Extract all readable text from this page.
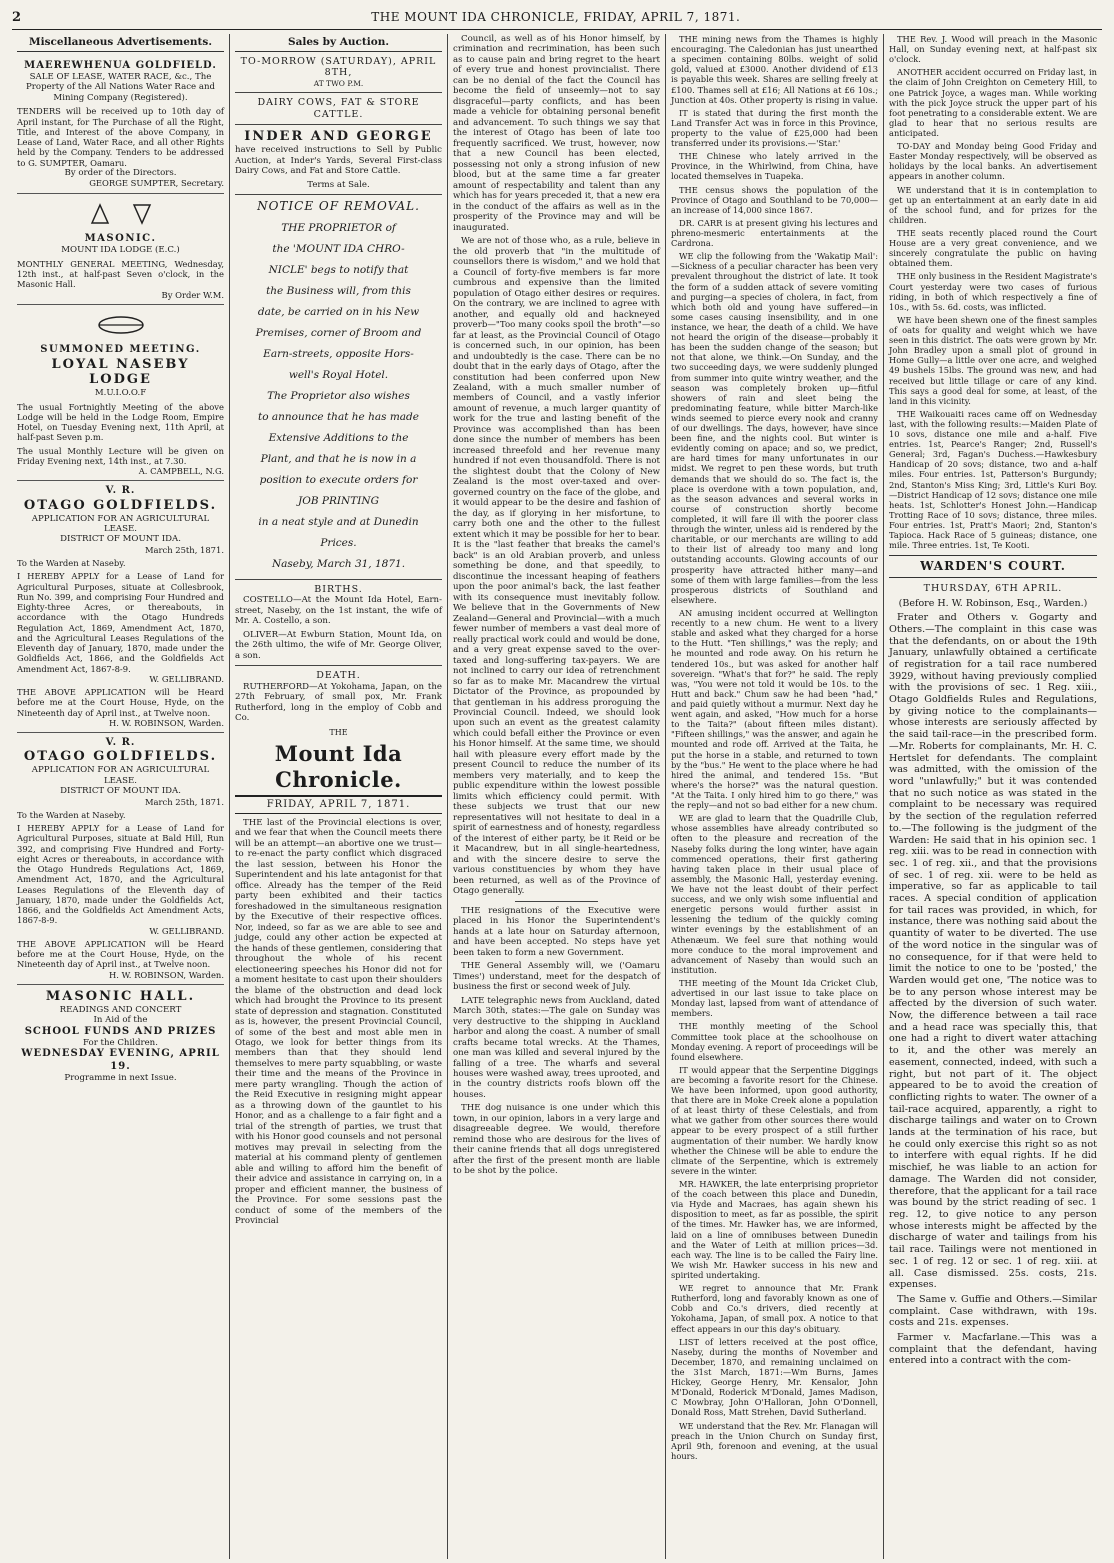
2	THE MOUNT IDA CHRONICLE, FRIDAY, APRIL 7, 1871.
Miscellaneous Advertisements.
MAEREWHENUA GOLDFIELD.
SALE OF LEASE, WATER RACE, &c., The Property of the All Nations Water Race and Mining Company (Registered).
TENDERS will be received up to 10th day of April instant, for The Purchase of all the Right, Title, and Interest of the above Company, in Lease of Land, Water Race, and all other Rights held by the Company. Tenders to be addressed to G. SUMPTER, Oamaru.
By order of the Directors.
GEORGE SUMPTER, Secretary.
MASONIC.
MOUNT IDA LODGE (E.C.)
MONTHLY GENERAL MEETING, Wednesday, 12th inst., at half-past Seven o'clock, in the Masonic Hall.
By Order W.M.
SUMMONED MEETING.
LOYAL NASEBY LODGE
M.U.I.O.O.F
The usual Fortnightly Meeting of the above Lodge will be held in the Lodge Room, Empire Hotel, on Tuesday Evening next, 11th April, at half-past Seven p.m.
The usual Monthly Lecture will be given on Friday Evening next, 14th inst., at 7.30.
A. CAMPBELL, N.G.
V. R.
OTAGO GOLDFIELDS.
APPLICATION FOR AN AGRICULTURAL LEASE.
DISTRICT OF MOUNT IDA.
March 25th, 1871.
To the Warden at Naseby.
I HEREBY APPLY for a Lease of Land for Agricultural Purposes, situate at Collesbrook, Run No. 399, and comprising Four Hundred and Eighty-three Acres, or thereabouts, in accordance with the Otago Hundreds Regulation Act, 1869, Amendment Act, 1870, and the Agricultural Leases Regulations of the Eleventh day of January, 1870, made under the Goldfields Act, 1866, and the Goldfields Act Amendment Act, 1867-8-9.
W. GELLIBRAND.
THE ABOVE APPLICATION will be Heard before me at the Court House, Hyde, on the Nineteenth day of April inst., at Twelve noon.
H. W. ROBINSON, Warden.
V. R.
OTAGO GOLDFIELDS.
APPLICATION FOR AN AGRICULTURAL LEASE.
DISTRICT OF MOUNT IDA.
March 25th, 1871.
To the Warden at Naseby.
I HEREBY APPLY for a Lease of Land for Agricultural Purposes, situate at Bald Hill, Run 392, and comprising Five Hundred and Forty-eight Acres or thereabouts, in accordance with the Otago Hundreds Regulations Act, 1869, Amendment Act, 1870, and the Agricultural Leases Regulations of the Eleventh day of January, 1870, made under the Goldfields Act, 1866, and the Goldfields Act Amendment Acts, 1867-8-9.
W. GELLIBRAND.
THE ABOVE APPLICATION will be Heard before me at the Court House, Hyde, on the Nineteenth day of April inst., at Twelve noon.
H. W. ROBINSON, Warden.
MASONIC HALL.
READINGS AND CONCERT
In Aid of the
SCHOOL FUNDS AND PRIZES
For the Children.
WEDNESDAY EVENING, APRIL 19.
Programme in next Issue.
Sales by Auction.
TO-MORROW (SATURDAY), APRIL 8TH,
AT TWO P.M.
DAIRY COWS, FAT & STORE CATTLE.
INDER AND GEORGE

have received instructions to Sell by Public Auction, at Inder's Yards, Several First-class Dairy Cows, and Fat and Store Cattle.

Terms at Sale.
NOTICE OF REMOVAL.
THE PROPRIETOR of
the 'MOUNT IDA CHRO-
NICLE' begs to notify that
the Business will, from this
date, be carried on in his New
Premises, corner of Broom and
Earn-streets, opposite Hors-
well's Royal Hotel.
The Proprietor also wishes
to announce that he has made
Extensive Additions to the
Plant, and that he is now in a
position to execute orders for
JOB PRINTING
in a neat style and at Dunedin
Prices.
Naseby, March 31, 1871.
BIRTHS.

COSTELLO—At the Mount Ida Hotel, Earn-street, Naseby, on the 1st instant, the wife of Mr. A. Costello, a son.

OLIVER—At Ewburn Station, Mount Ida, on the 26th ultimo, the wife of Mr. George Oliver, a son.

DEATH.

RUTHERFORD—At Yokohama, Japan, on the 27th February, of small pox, Mr. Frank Rutherford, long in the employ of Cobb and Co.

THE
Mount Ida Chronicle.
FRIDAY, APRIL 7, 1871.

THE last of the Provincial elections is over, and we fear that when the Council meets there will be an attempt—an abortive one we trust—to re-enact the party conflict which disgraced the last session, between his Honor the Superintendent and his late antagonist for that office. Already has the temper of the Reid party been exhibited and their tactics foreshadowed in the simultaneous resignation by the Executive of their respective offices. Nor, indeed, so far as we are able to see and judge, could any other action be expected at the hands of these gentlemen, considering that throughout the whole of his recent electioneering speeches his Honor did not for a moment hesitate to cast upon their shoulders the blame of the obstruction and dead lock which had brought the Province to its present state of depression and stagnation. Constituted as is, however, the present Provincial Council, of some of the best and most able men in Otago, we look for better things from its members than that they should lend themselves to mere party squabbling, or waste their time and the means of the Province in mere party wrangling. Though the action of the Reid Executive in resigning might appear as a throwing down of the gauntlet to his Honor, and as a challenge to a fair fight and a trial of the strength of parties, we trust that with his Honor good counsels and not personal motives may prevail in selecting from the material at his command plenty of gentlemen able and willing to afford him the benefit of their advice and assistance in carrying on, in a proper and efficient manner, the business of the Province. For some sessions past the conduct of some of the members of the Provincial

Council, as well as of his Honor himself, by crimination and recrimination, has been such as to cause pain and bring regret to the heart of every true and honest provincialist. There can be no denial of the fact the Council has become the field of unseemly—not to say disgraceful—party conflicts, and has been made a vehicle for obtaining personal benefit and advancement. To such things we say that the interest of Otago has been of late too frequently sacrificed. We trust, however, now that a new Council has been elected, possessing not only a strong infusion of new blood, but at the same time a far greater amount of respectability and talent than any which has for years preceded it, that a new era in the conduct of the affairs as well as in the prosperity of the Province may and will be inaugurated.

We are not of those who, as a rule, believe in the old proverb that "in the multitude of counsellors there is wisdom," and we hold that a Council of forty-five members is far more cumbrous and expensive than the limited population of Otago either desires or requires. On the contrary, we are inclined to agree with another, and equally old and hackneyed proverb—"Too many cooks spoil the broth"—so far at least, as the Provincial Council of Otago is concerned such, in our opinion, has been and undoubtedly is the case. There can be no doubt that in the early days of Otago, after the constitution had been conferred upon New Zealand, with a much smaller number of members of Council, and a vastly inferior amount of revenue, a much larger quantity of work for the true and lasting benefit of the Province was accomplished than has been done since the number of members has been increased threefold and her revenue many hundred if not even thousandfold. There is not the slightest doubt that the Colony of New Zealand is the most over-taxed and over-governed country on the face of the globe, and it would appear to be the desire and fashion of the day, as if glorying in her misfortune, to carry both one and the other to the fullest extent which it may be possible for her to bear. It is the "last feather that breaks the camel's back" is an old Arabian proverb, and unless something be done, and that speedily, to discontinue the incessant heaping of feathers upon the poor animal's back, the last feather with its consequence must inevitably follow. We believe that in the Governments of New Zealand—General and Provincial—with a much fewer number of members a vast deal more of really practical work could and would be done, and a very great expense saved to the over-taxed and long-suffering tax-payers. We are not inclined to carry our idea of retrenchment so far as to make Mr. Macandrew the virtual Dictator of the Province, as propounded by that gentleman in his address proroguing the Provincial Council. Indeed, we should look upon such an event as the greatest calamity which could befall either the Province or even his Honor himself. At the same time, we should hail with pleasure every effort made by the present Council to reduce the number of its members very materially, and to keep the public expenditure within the lowest possible limits which efficiency could permit. With these subjects we trust that our new representatives will not hesitate to deal in a spirit of earnestness and of honesty, regardless of the interest of either party, be it Reid or be it Macandrew, but in all single-heartedness, and with the sincere desire to serve the various constituencies by whom they have been returned, as well as of the Province of Otago generally.

THE resignations of the Executive were placed in his Honor the Superintendent's hands at a late hour on Saturday afternoon, and have been accepted. No steps have yet been taken to form a new Government.

THE General Assembly will, we ('Oamaru Times') understand, meet for the despatch of business the first or second week of July.

LATE telegraphic news from Auckland, dated March 30th, states:—The gale on Sunday was very destructive to the shipping in Auckland harbor and along the coast. A number of small crafts became total wrecks. At the Thames, one man was killed and several injured by the falling of a tree. The wharfs and several houses were washed away, trees uprooted, and in the country districts roofs blown off the houses.

THE dog nuisance is one under which this town, in our opinion, labors in a very large and disagreeable degree. We would, therefore remind those who are desirous for the lives of their canine friends that all dogs unregistered after the first of the present month are liable to be shot by the police.

THE mining news from the Thames is highly encouraging. The Caledonian has just unearthed a specimen containing 80lbs. weight of solid gold, valued at £3000. Another dividend of £13 is payable this week. Shares are selling freely at £100. Thames sell at £16; All Nations at £6 10s.; Junction at 40s. Other property is rising in value.

IT is stated that during the first month the Land Transfer Act was in force in this Province, property to the value of £25,000 had been transferred under its provisions.—'Star.'

THE Chinese who lately arrived in the Province, in the Whirlwind, from China, have located themselves in Tuapeka.

THE census shows the population of the Province of Otago and Southland to be 70,000—an increase of 14,000 since 1867.

DR. CARR is at present giving his lectures and phreno-mesmeric entertainments at the Cardrona.

WE clip the following from the 'Wakatip Mail':—Sickness of a peculiar character has been very prevalent throughout the district of late. It took the form of a sudden attack of severe vomiting and purging—a species of cholera, in fact, from which both old and young have suffered—in some cases causing insensibility, and in one instance, we hear, the death of a child. We have not heard the origin of the disease—probably it has been the sudden change of the season; but not that alone, we think.—On Sunday, and the two succeeding days, we were suddenly plunged from summer into quite wintry weather, and the season was completely broken up—fitful showers of rain and sleet being the predominating feature, while bitter March-like winds seemed to pierce every nook and cranny of our dwellings. The days, however, have since been fine, and the nights cool. But winter is evidently coming on apace; and so, we predict, are hard times for many unfortunates in our midst. We regret to pen these words, but truth demands that we should do so. The fact is, the place is overdone with a town population, and, as the season advances and several works in course of construction shortly become completed, it will fare ill with the poorer class through the winter, unless aid is rendered by the charitable, or our merchants are willing to add to their list of already too many and long outstanding accounts. Glowing accounts of our prosperity have attracted hither many—and some of them with large families—from the less prosperous districts of Southland and elsewhere.

AN amusing incident occurred at Wellington recently to a new chum. He went to a livery stable and asked what they charged for a horse to the Hutt. "Ten shillings," was the reply; and he mounted and rode away. On his return he tendered 10s., but was asked for another half sovereign. "What's that for?" he said. The reply was, "You were not told it would be 10s. to the Hutt and back." Chum saw he had been "had," and paid quietly without a murmur. Next day he went again, and asked, "How much for a horse to the Taita?" (about fifteen miles distant). "Fifteen shillings," was the answer, and again he mounted and rode off. Arrived at the Taita, he put the horse in a stable, and returned to town by the "bus." He went to the place where he had hired the animal, and tendered 15s. "But where's the horse?" was the natural question. "At the Taita. I only hired him to go there," was the reply—and not so bad either for a new chum.

WE are glad to learn that the Quadrille Club, whose assemblies have already contributed so often to the pleasure and recreation of the Naseby folks during the long winter, have again commenced operations, their first gathering having taken place in their usual place of assembly, the Masonic Hall, yesterday evening. We have not the least doubt of their perfect success, and we only wish some influential and energetic persons would further assist in lessening the tedium of the quickly coming winter evenings by the establishment of an Athenæum. We feel sure that nothing would more conduce to the moral improvement and advancement of Naseby than would such an institution.

THE meeting of the Mount Ida Cricket Club, advertised in our last issue to take place on Monday last, lapsed from want of attendance of members.

THE monthly meeting of the School Committee took place at the schoolhouse on Monday evening. A report of proceedings will be found elsewhere.

IT would appear that the Serpentine Diggings are becoming a favorite resort for the Chinese. We have been informed, upon good authority, that there are in Moke Creek alone a population of at least thirty of these Celestials, and from what we gather from other sources there would appear to be every prospect of a still further augmentation of their number. We hardly know whether the Chinese will be able to endure the climate of the Serpentine, which is extremely severe in the winter.

MR. HAWKER, the late enterprising proprietor of the coach between this place and Dunedin, via Hyde and Macraes, has again shewn his disposition to meet, as far as possible, the spirit of the times. Mr. Hawker has, we are informed, laid on a line of omnibuses between Dunedin and the Water of Leith at million prices—3d. each way. The line is to be called the Fairy line. We wish Mr. Hawker success in his new and spirited undertaking.

WE regret to announce that Mr. Frank Rutherford, long and favorably known as one of Cobb and Co.'s drivers, died recently at Yokohama, Japan, of small pox. A notice to that effect appears in our this day's obituary.

LIST of letters received at the post office, Naseby, during the months of November and December, 1870, and remaining unclaimed on the 31st March, 1871:—Wm Burns, James Hickey, George Henry, Mr. Kensalor, John M'Donald, Roderick M'Donald, James Madison, C Mowbray, John O'Halloran, John O'Donnell, Donald Ross, Matt Strehen, David Sutherland.

WE understand that the Rev. Mr. Flanagan will preach in the Union Church on Sunday first, April 9th, forenoon and evening, at the usual hours.

THE Rev. J. Wood will preach in the Masonic Hall, on Sunday evening next, at half-past six o'clock.

ANOTHER accident occurred on Friday last, in the claim of John Creighton on Cemetery Hill, to one Patrick Joyce, a wages man. While working with the pick Joyce struck the upper part of his foot penetrating to a considerable extent. We are glad to hear that no serious results are anticipated.

TO-DAY and Monday being Good Friday and Easter Monday respectively, will be observed as holidays by the local banks. An advertisement appears in another column.

WE understand that it is in contemplation to get up an entertainment at an early date in aid of the school fund, and for prizes for the children.

THE seats recently placed round the Court House are a very great convenience, and we sincerely congratulate the public on having obtained them.

THE only business in the Resident Magistrate's Court yesterday were two cases of furious riding, in both of which respectively a fine of 10s., with 5s. 6d. costs, was inflicted.

WE have been shewn one of the finest samples of oats for quality and weight which we have seen in this district. The oats were grown by Mr. John Bradley upon a small plot of ground in Home Gully—a little over one acre, and weighed 49 bushels 15lbs. The ground was new, and had received but little tillage or care of any kind. This says a good deal for some, at least, of the land in this vicinity.

THE Waikouaiti races came off on Wednesday last, with the following results:—Maiden Plate of 10 sovs, distance one mile and a-half. Five entries. 1st, Pearce's Ranger; 2nd, Russell's General; 3rd, Fagan's Duchess.—Hawkesbury Handicap of 20 sovs; distance, two and a-half miles. Four entries. 1st, Patterson's Burgundy; 2nd, Stanton's Miss King; 3rd, Little's Kuri Boy.—District Handicap of 12 sovs; distance one mile heats. 1st, Schlotter's Honest John.—Handicap Trotting Race of 10 sovs; distance, three miles. Four entries. 1st, Pratt's Maori; 2nd, Stanton's Tapioca. Hack Race of 5 guineas; distance, one mile. Three entries. 1st, Te Kooti.

WARDEN'S COURT.
THURSDAY, 6TH APRIL.
(Before H. W. Robinson, Esq., Warden.)

Frater and Others v. Gogarty and Others.—The complaint in this case was that the defendants, on or about the 19th January, unlawfully obtained a certificate of registration for a tail race numbered 3929, without having previously complied with the provisions of sec. 1 Reg. xiii., Otago Goldfields Rules and Regulations, by giving notice to the complainants—whose interests are seriously affected by the said tail-race—in the prescribed form.—Mr. Roberts for complainants, Mr. H. C. Hertslet for defendants. The complaint was admitted, with the omission of the word "unlawfully;" but it was contended that no such notice as was stated in the complaint to be necessary was required by the section of the regulation referred to.—The following is the judgment of the Warden: He said that in his opinion sec. 1 reg. xiii. was to be read in connection with sec. 1 of reg. xii., and that the provisions of sec. 1 of reg. xii. were to be held as imperative, so far as applicable to tail races. A special condition of application for tail races was provided, in which, for instance, there was nothing said about the quantity of water to be diverted. The use of the word notice in the singular was of no consequence, for if that were held to limit the notice to one to be 'posted,' the Warden would get one, 'The notice was to be to any person whose interest may be affected by the diversion of such water. Now, the difference between a tail race and a head race was specially this, that one had a right to divert water attaching to it, and the other was merely an easement, connected, indeed, with such a right, but not part of it. The object appeared to be to avoid the creation of conflicting rights to water. The owner of a tail-race acquired, apparently, a right to discharge tailings and water on to Crown lands at the termination of his race, but he could only exercise this right so as not to interfere with equal rights. If he did mischief, he was liable to an action for damage. The Warden did not consider, therefore, that the applicant for a tail race was bound by the strict reading of sec. 1 reg. 12, to give notice to any person whose interests might be affected by the discharge of water and tailings from his tail race. Tailings were not mentioned in sec. 1 of reg. 12 or sec. 1 of reg. xiii. at all. Case dismissed. 25s. costs, 21s. expenses.

The Same v. Guffie and Others.—Similar complaint. Case withdrawn, with 19s. costs and 21s. expenses.

Farmer v. Macfarlane.—This was a complaint that the defendant, having entered into a contract with the com-
